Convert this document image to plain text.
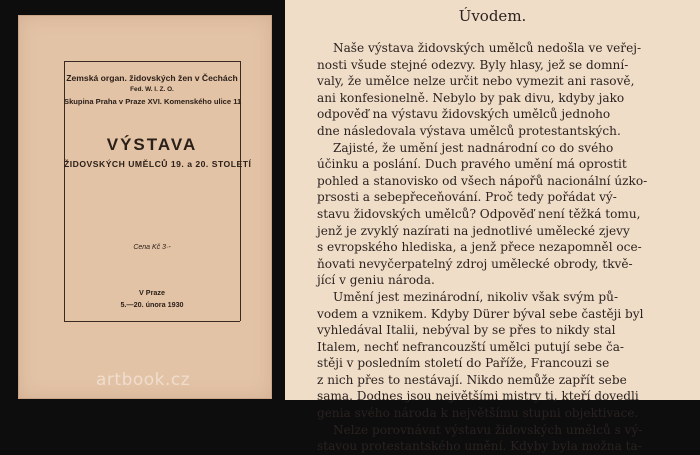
Zemská organ. židovských žen v Čechách
Fed. W. I. Z. O.
Skupina Praha v Praze XVI. Komenského ulice 11
VÝSTAVA
ŽIDOVSKÝCH UMĚLCŮ 19. a 20. STOLETÍ
Cena Kč 3·-
V Praze
5.—20. února 1930
artbook.cz
Úvodem.
Naše výstava židovských umělců nedošla ve veřej-
nosti všude stejné odezvy. Byly hlasy, jež se domní-
valy, že umělce nelze určit nebo vymezit ani rasově,
ani konfesionelně. Nebylo by pak divu, kdyby jako
odpověď na výstavu židovských umělců jednoho
dne následovala výstava umělců protestantských.
Zajisté, že umění jest nadnárodní co do svého
účinku a poslání. Duch pravého umění má oprostit
pohled a stanovisko od všech nápořů nacionální úzko-
prsosti a sebepřeceňování. Proč tedy pořádat vý-
stavu židovských umělců? Odpověď není těžká tomu,
jenž je zvyklý nazírati na jednotlivé umělecké zjevy
s evropského hlediska, a jenž přece nezapomněl oce-
ňovati nevyčerpatelný zdroj umělecké obrody, tkvě-
jící v geniu národa.
Umění jest mezinárodní, nikoliv však svým pů-
vodem a vznikem. Kdyby Dürer býval sebe častěji byl
vyhledával Italii, nebýval by se přes to nikdy stal
Italem, nechť nefrancouzští umělci putují sebe ča-
stěji v posledním století do Paříže, Francouzi se
z nich přes to nestávají. Nikdo nemůže zapřít sebe
sama. Dodnes jsou největšími mistry ti, kteří dovedli
genia svého národa k největšímu stupni objektivace.
Nelze porovnávat výstavu židovských umělců s vý-
stavou protestantského umění. Kdyby byla možna ta-
